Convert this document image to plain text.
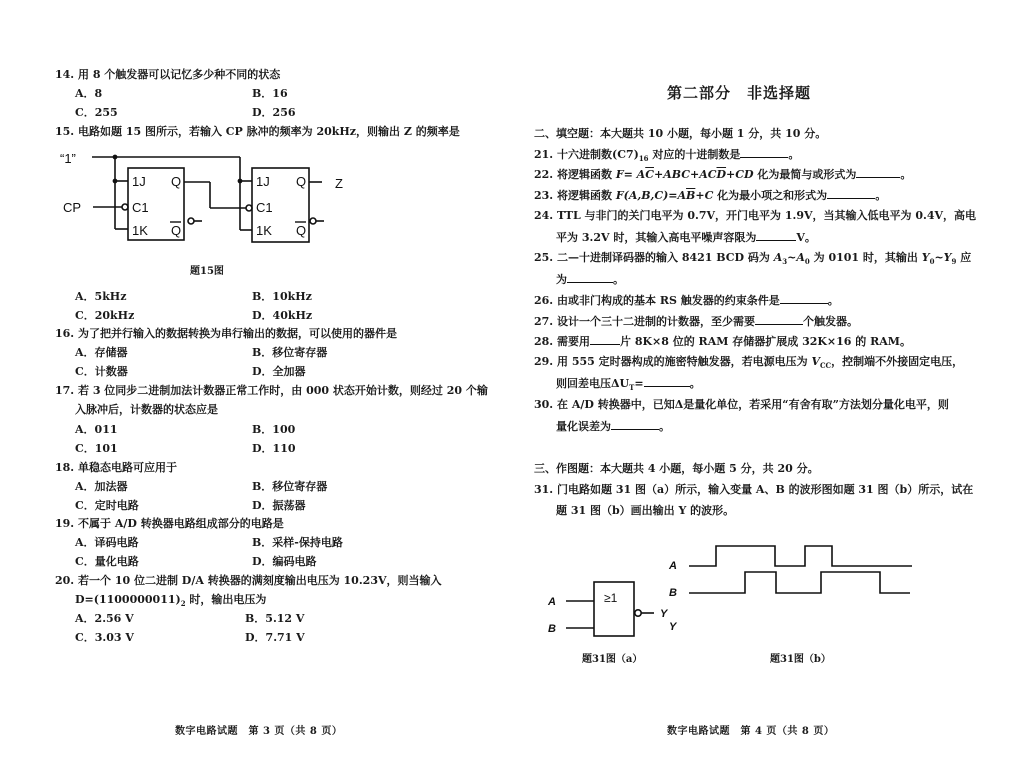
14. 用 8 个触发器可以记忆多少种不同的状态
A．8	B．16
C．255	D．256
15. 电路如题 15 图所示，若输入 CP 脉冲的频率为 20kHz，则输出 Z 的频率是
“1”
CP
1J
C1
1K
Q
Q
1J
C1
1K
Q
Q
Z
题15图
A．5kHz	B．10kHz
C．20kHz	D．40kHz
16. 为了把并行输入的数据转换为串行输出的数据，可以使用的器件是
A．存储器	B．移位寄存器
C．计数器	D．全加器
17. 若 3 位同步二进制加法计数器正常工作时，由 000 状态开始计数，则经过 20 个输
入脉冲后，计数器的状态应是
A．011	B．100
C．101	D．110
18. 单稳态电路可应用于
A．加法器	B．移位寄存器
C．定时电路	D．振荡器
19. 不属于 A/D 转换器电路组成部分的电路是
A．译码电路	B．采样-保持电路
C．量化电路	D．编码电路
20. 若一个 10 位二进制 D/A 转换器的满刻度输出电压为 10.23V，则当输入
$D=(1100000011)_2$ 时，输出电压为
A．2.56 V	B．5.12 V
C．3.03 V	D．7.71 V
数字电路试题　第 3 页（共 8 页）
第二部分　非选择题
二、填空题：本大题共 10 小题，每小题 1 分，共 10 分。
21. 十六进制数$(C7)_{16}$ 对应的十进制数是	。
22. 将逻辑函数 $F= A\overline{C}+ABC+AC\overline{D}+CD$ 化为最简与或形式为	。
23. 将逻辑函数 $F(A,B,C)=A\overline{B}+C$ 化为最小项之和形式为	。
24. TTL 与非门的关门电平为 0.7V，开门电平为 1.9V，当其输入低电平为 0.4V，高电
平为 3.2V 时，其输入高电平噪声容限为	V。
25. 二—十进制译码器的输入 8421 BCD 码为 $A_3\sim A_0$ 为 0101 时，其输出 $Y_0\sim Y_9$ 应
为	。
26. 由或非门构成的基本 RS 触发器的约束条件是	。
27. 设计一个三十二进制的计数器，至少需要	个触发器。
28. 需要用	片 8K×8 位的 RAM 存储器扩展成 32K×16 的 RAM。
29. 用 555 定时器构成的施密特触发器，若电源电压为 $V_{CC}$，控制端不外接固定电压，
则回差电压$\Delta U_T=$	。
30. 在 A/D 转换器中，已知Δ是量化单位，若采用“有舍有取”方法划分量化电平，则
量化误差为	。
三、作图题：本大题共 4 小题，每小题 5 分，共 20 分。
31. 门电路如题 31 图（a）所示，输入变量 A、B 的波形图如题 31 图（b）所示，试在
题 31 图（b）画出输出 Y 的波形。
A
B
Y
≥1
题31图（a）
A
B
Y
题31图（b）
数字电路试题　第 4 页（共 8 页）
